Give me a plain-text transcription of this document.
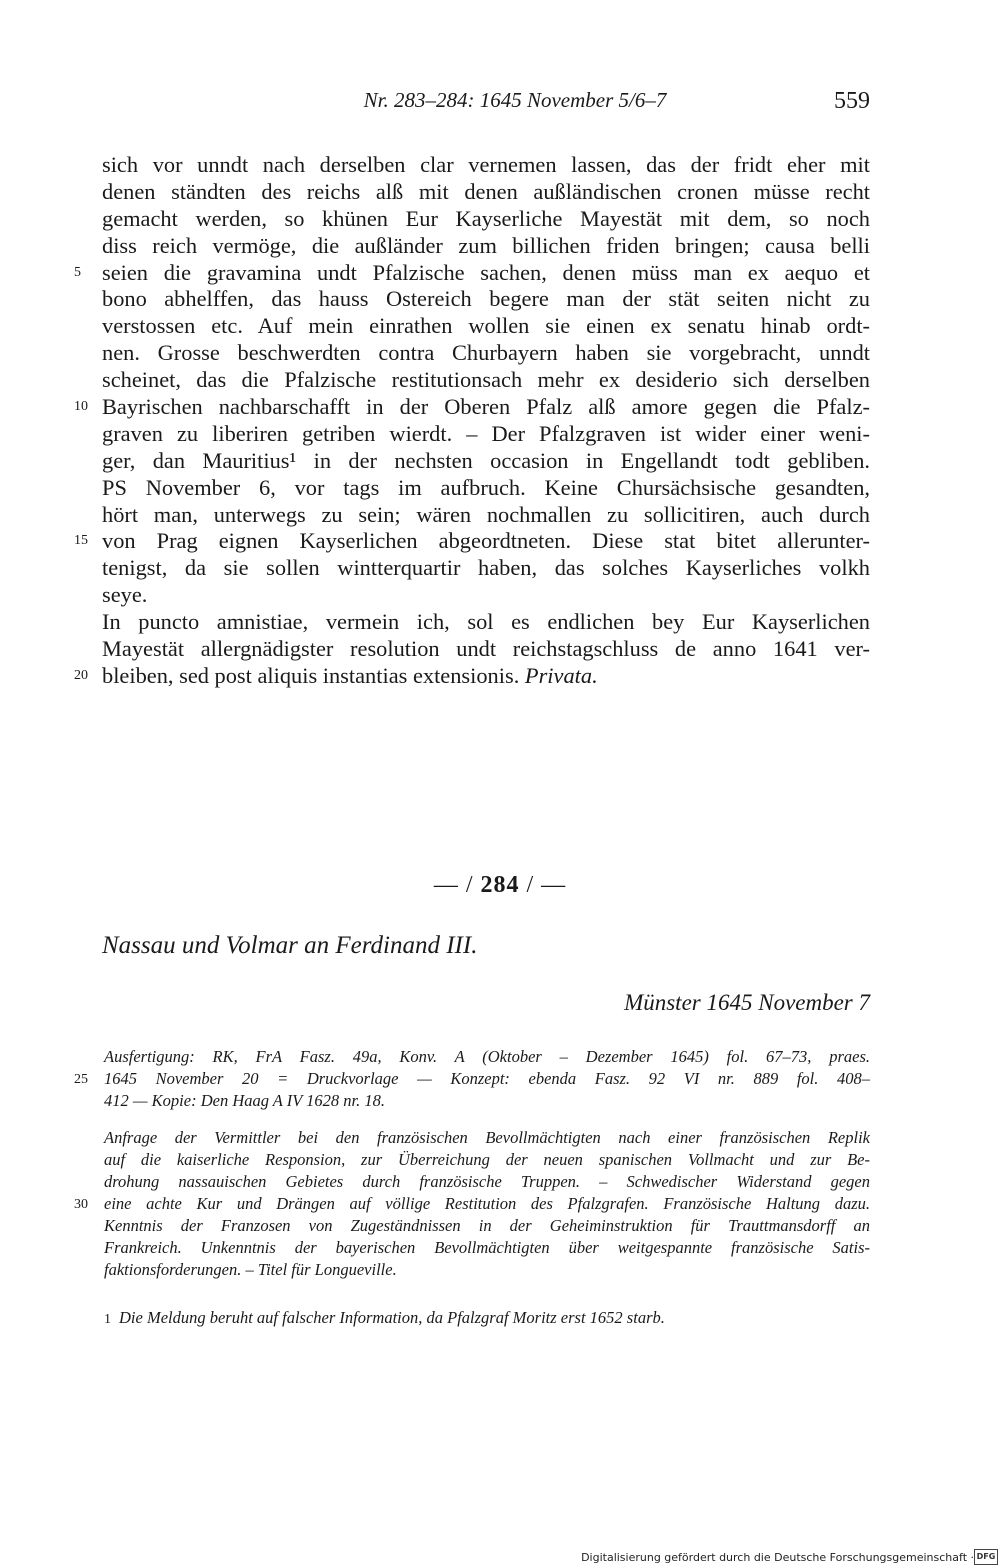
Nr. 283–284: 1645 November 5/6–7	559
sich vor unndt nach derselben clar vernemen lassen, das der fridt eher mit
denen ständten des reichs alß mit denen außländischen cronen müsse recht
gemacht werden, so khünen Eur Kayserliche Mayestät mit dem, so noch
diss reich vermöge, die außländer zum billichen friden bringen; causa belli
5 seien die gravamina undt Pfalzische sachen, denen müss man ex aequo et
bono abhelffen, das hauss Ostereich begere man der stät seiten nicht zu
verstossen etc. Auf mein einrathen wollen sie einen ex senatu hinab ordt-
nen. Grosse beschwerdten contra Churbayern haben sie vorgebracht, unndt
scheinet, das die Pfalzische restitutionsach mehr ex desiderio sich derselben
10 Bayrischen nachbarschafft in der Oberen Pfalz alß amore gegen die Pfalz-
graven zu liberiren getriben wierdt. – Der Pfalzgraven ist wider einer weni-
ger, dan Mauritius¹ in der nechsten occasion in Engellandt todt gebliben.
PS November 6, vor tags im aufbruch. Keine Chursächsische gesandten,
hört man, unterwegs zu sein; wären nochmallen zu sollicitiren, auch durch
15 von Prag eignen Kayserlichen abgeordtneten. Diese stat bitet allerunter-
tenigst, da sie sollen wintterquartir haben, das solches Kayserliches volkh
seye.
In puncto amnistiae, vermein ich, sol es endlichen bey Eur Kayserlichen
Mayestät allergnädigster resolution undt reichstagschluss de anno 1641 ver-
20 bleiben, sed post aliquis instantias extensionis. Privata.
— / 284 / —
Nassau und Volmar an Ferdinand III.
Münster 1645 November 7
Ausfertigung: RK, FrA Fasz. 49a, Konv. A (Oktober – Dezember 1645) fol. 67–73, praes.
25 1645 November 20 = Druckvorlage — Konzept: ebenda Fasz. 92 VI nr. 889 fol. 408–
412 — Kopie: Den Haag A IV 1628 nr. 18.
Anfrage der Vermittler bei den französischen Bevollmächtigten nach einer französischen Replik
auf die kaiserliche Responsion, zur Überreichung der neuen spanischen Vollmacht und zur Be-
drohung nassauischen Gebietes durch französische Truppen. – Schwedischer Widerstand gegen
30 eine achte Kur und Drängen auf völlige Restitution des Pfalzgrafen. Französische Haltung dazu.
Kenntnis der Franzosen von Zugeständnissen in der Geheiminstruktion für Trauttmansdorff an
Frankreich. Unkenntnis der bayerischen Bevollmächtigten über weitgespannte französische Satis-
faktionsforderungen. – Titel für Longueville.
1 Die Meldung beruht auf falscher Information, da Pfalzgraf Moritz erst 1652 starb.
Digitalisierung gefördert durch die Deutsche Forschungsgemeinschaft · DFG
